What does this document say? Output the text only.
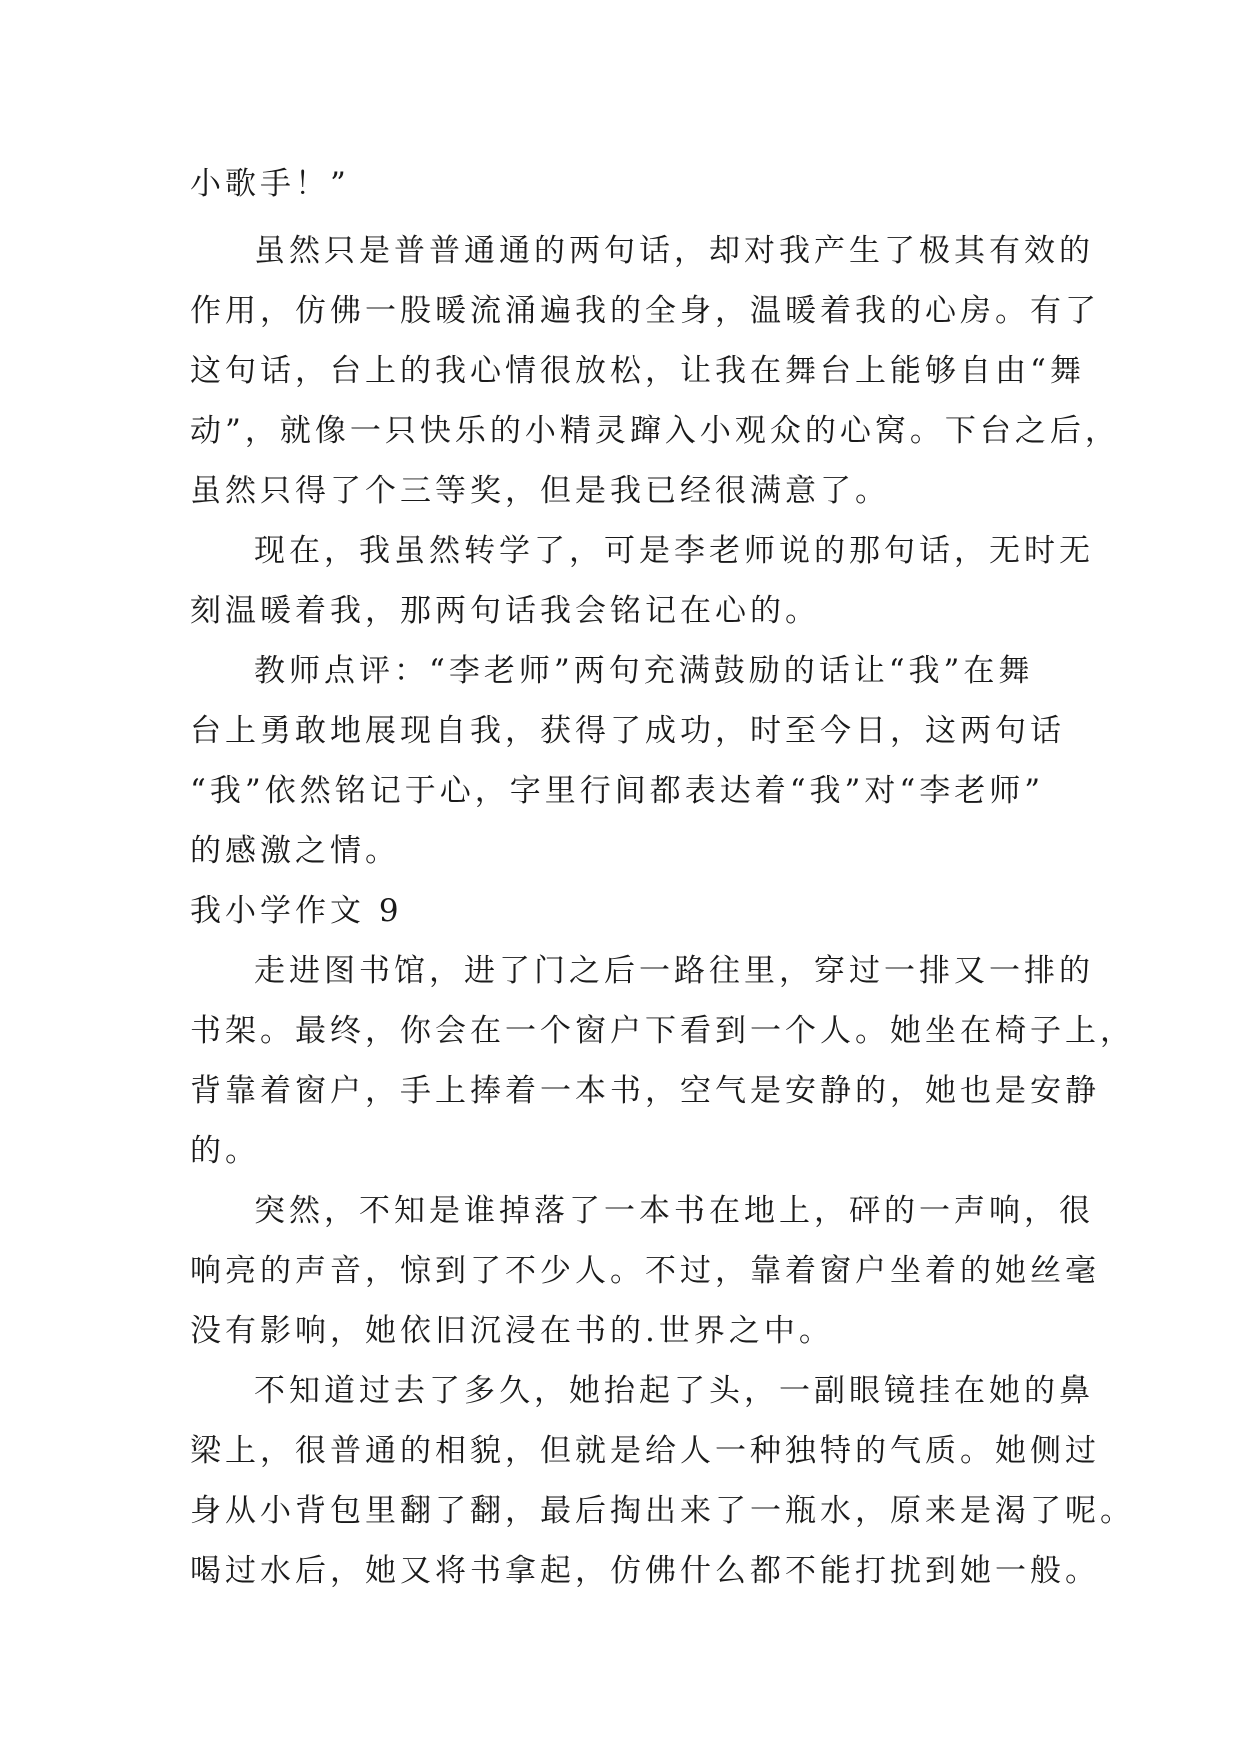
小歌手！”
虽然只是普普通通的两句话，却对我产生了极其有效的
作用，仿佛一股暖流涌遍我的全身，温暖着我的心房。有了
这句话，台上的我心情很放松，让我在舞台上能够自由“舞
动”，就像一只快乐的小精灵蹿入小观众的心窝。下台之后，
虽然只得了个三等奖，但是我已经很满意了。
现在，我虽然转学了，可是李老师说的那句话，无时无
刻温暖着我，那两句话我会铭记在心的。
教师点评：“李老师”两句充满鼓励的话让“我”在舞
台上勇敢地展现自我，获得了成功，时至今日，这两句话
“我”依然铭记于心，字里行间都表达着“我”对“李老师”
的感激之情。
我小学作文 9
走进图书馆，进了门之后一路往里，穿过一排又一排的
书架。最终，你会在一个窗户下看到一个人。她坐在椅子上，
背靠着窗户，手上捧着一本书，空气是安静的，她也是安静
的。
突然，不知是谁掉落了一本书在地上，砰的一声响，很
响亮的声音，惊到了不少人。不过，靠着窗户坐着的她丝毫
没有影响，她依旧沉浸在书的.世界之中。
不知道过去了多久，她抬起了头，一副眼镜挂在她的鼻
梁上，很普通的相貌，但就是给人一种独特的气质。她侧过
身从小背包里翻了翻，最后掏出来了一瓶水，原来是渴了呢。
喝过水后，她又将书拿起，仿佛什么都不能打扰到她一般。
